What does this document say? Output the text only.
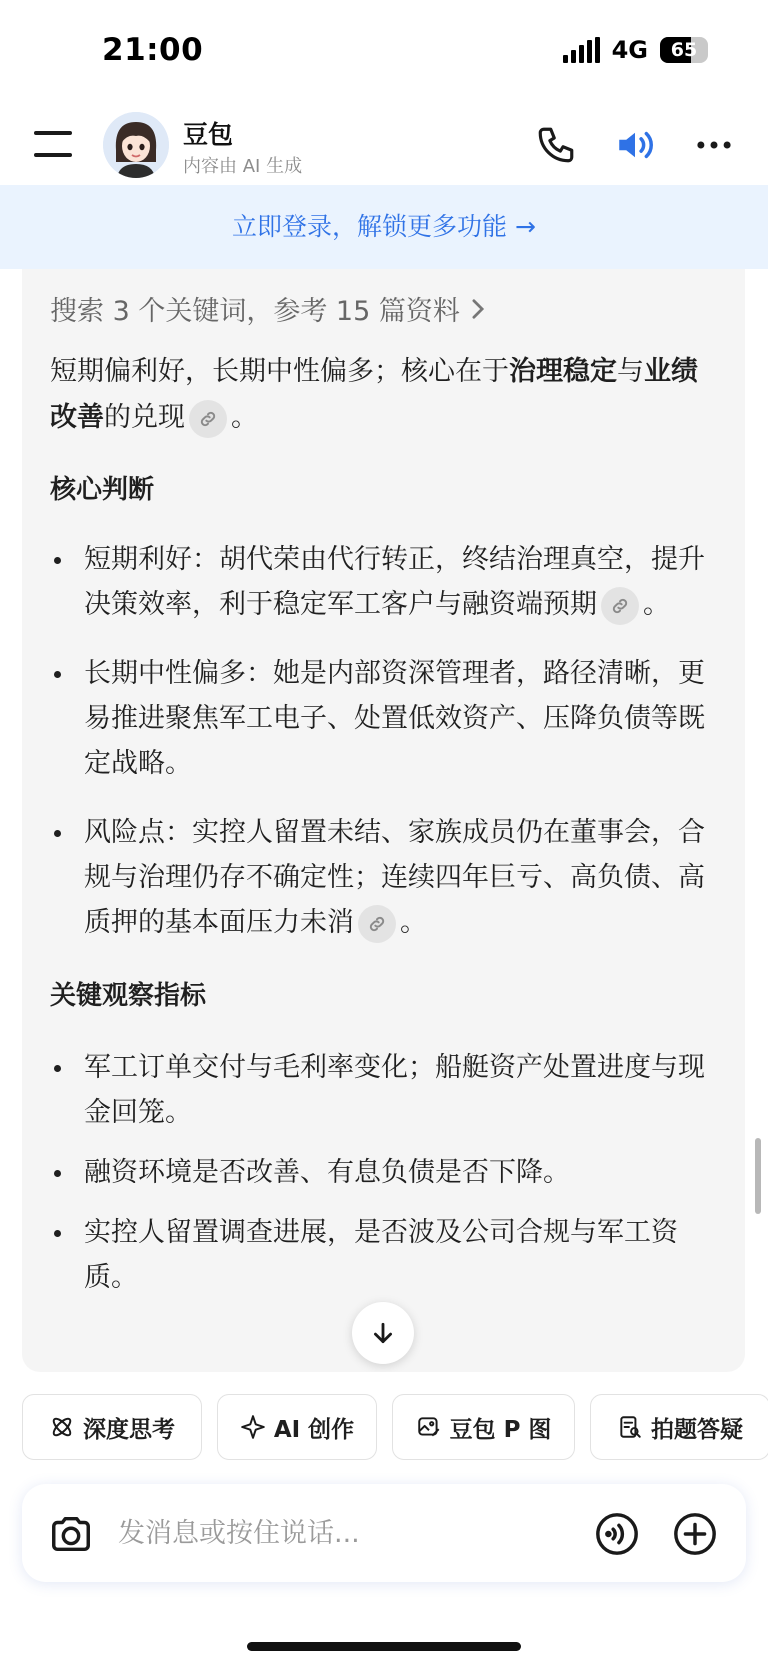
21:00	4G	65
豆包
内容由 AI 生成
立即登录，解锁更多功能 →
搜索 3 个关键词，参考 15 篇资料

短期偏利好，长期中性偏多；核心在于治理稳定与业绩改善的兑现 。

核心判断
短期利好：胡代荣由代行转正，终结治理真空，提升决策效率，利于稳定军工客户与融资端预期 。
长期中性偏多：她是内部资深管理者，路径清晰，更易推进聚焦军工电子、处置低效资产、压降负债等既定战略。
风险点：实控人留置未结、家族成员仍在董事会，合规与治理仍存不确定性；连续四年巨亏、高负债、高质押的基本面压力未消 。
关键观察指标
军工订单交付与毛利率变化；船艇资产处置进度与现金回笼。
融资环境是否改善、有息负债是否下降。
实控人留置调查进展，是否波及公司合规与军工资质。
深度思考	AI 创作	豆包 P 图	拍题答疑
发消息或按住说话...
